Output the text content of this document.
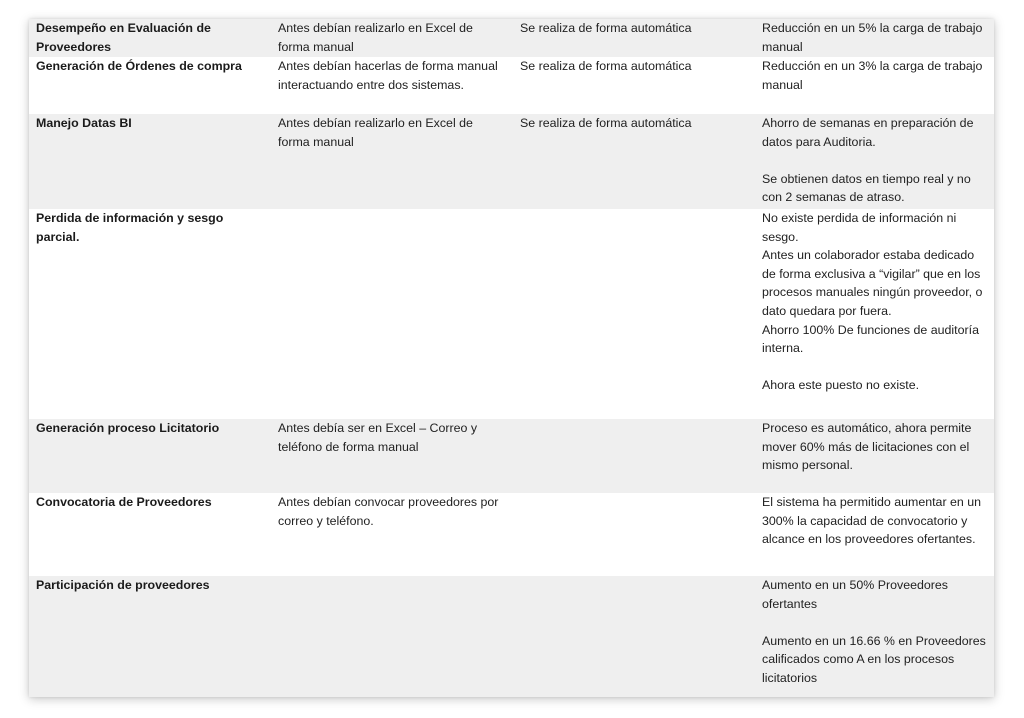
Desempeño en Evaluación de Proveedores	Antes debían realizarlo en Excel de forma manual	Se realiza de forma automática	Reducción en un 5% la carga de trabajo manual

Generación de Órdenes de compra	Antes debían hacerlas de forma manual interactuando entre dos sistemas.	Se realiza de forma automática	Reducción en un 3% la carga de trabajo manual

Manejo Datas BI	Antes debían realizarlo en Excel de forma manual	Se realiza de forma automática	Ahorro de semanas en preparación de datos para Auditoria.
Se obtienen datos en tiempo real y no con 2 semanas de atraso.

Perdida de información y sesgo parcial.			No existe perdida de información ni sesgo.
Antes un colaborador estaba dedicado de forma exclusiva a “vigilar” que en los procesos manuales ningún proveedor, o dato quedara por fuera.
Ahorro 100% De funciones de auditoría interna.
Ahora este puesto no existe.

Generación proceso Licitatorio	Antes debía ser en Excel – Correo y teléfono de forma manual		Proceso es automático, ahora permite mover 60% más de licitaciones con el mismo personal.

Convocatoria de Proveedores	Antes debían convocar proveedores por correo y teléfono.		El sistema ha permitido aumentar en un 300% la capacidad de convocatorio y alcance en los proveedores ofertantes.

Participación de proveedores			Aumento en un 50% Proveedores ofertantes
Aumento en un 16.66 % en Proveedores calificados como A en los procesos licitatorios
